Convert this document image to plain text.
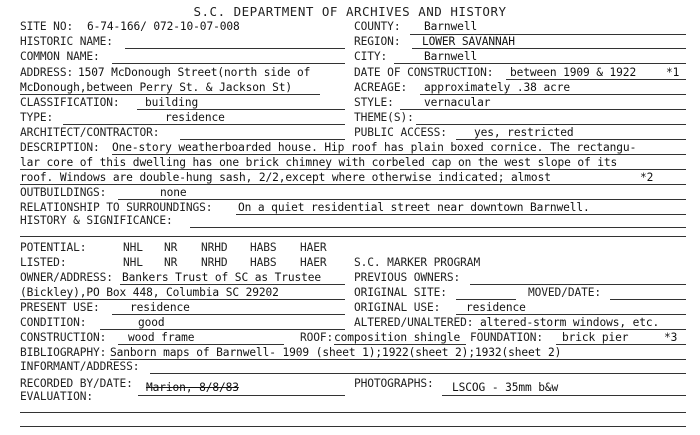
S.C. DEPARTMENT OF ARCHIVES AND HISTORY
SITE NO: 6-74-166/ 072-10-07-008	COUNTY: Barnwell
HISTORIC NAME:	REGION: LOWER SAVANNAH
COMMON NAME:	CITY:	Barnwell
ADDRESS: 1507 McDonough Street(north side of	DATE OF CONSTRUCTION: between 1909 & 1922	*1
McDonough,between Perry St. & Jackson St)	ACREAGE: approximately .38 acre
CLASSIFICATION: building	STYLE:	vernacular
TYPE:	residence	THEME(S):
ARCHITECT/CONTRACTOR:	PUBLIC ACCESS: yes, restricted
DESCRIPTION: One-story weatherboarded house. Hip roof has plain boxed cornice. The rectangu-
lar core of this dwelling has one brick chimney with corbeled cap on the west slope of its
roof. Windows are double-hung sash, 2/2,except where otherwise indicated; almost	*2
OUTBUILDINGS:	none
RELATIONSHIP TO SURROUNDINGS: On a quiet residential street near downtown Barnwell.
HISTORY & SIGNIFICANCE:
POTENTIAL:	NHL NR NRHD HABS HAER
LISTED:	NHL NR NRHD HABS HAER S.C. MARKER PROGRAM
OWNER/ADDRESS: Bankers Trust of SC as Trustee	PREVIOUS OWNERS:
(Bickley),PO Box 448, Columbia SC 29202	ORIGINAL SITE:	MOVED/DATE:
PRESENT USE:	residence	ORIGINAL USE: residence
CONDITION:	good	ALTERED/UNALTERED: altered-storm windows, etc.
CONSTRUCTION: wood frame	ROOF: composition shingle FOUNDATION: brick pier	*3
BIBLIOGRAPHY: Sanborn maps of Barnwell- 1909 (sheet 1);1922(sheet 2);1932(sheet 2)
INFORMANT/ADDRESS:
RECORDED BY/DATE: Marion, 8/8/83	PHOTOGRAPHS: LSCOG - 35mm b&w
EVALUATION:
